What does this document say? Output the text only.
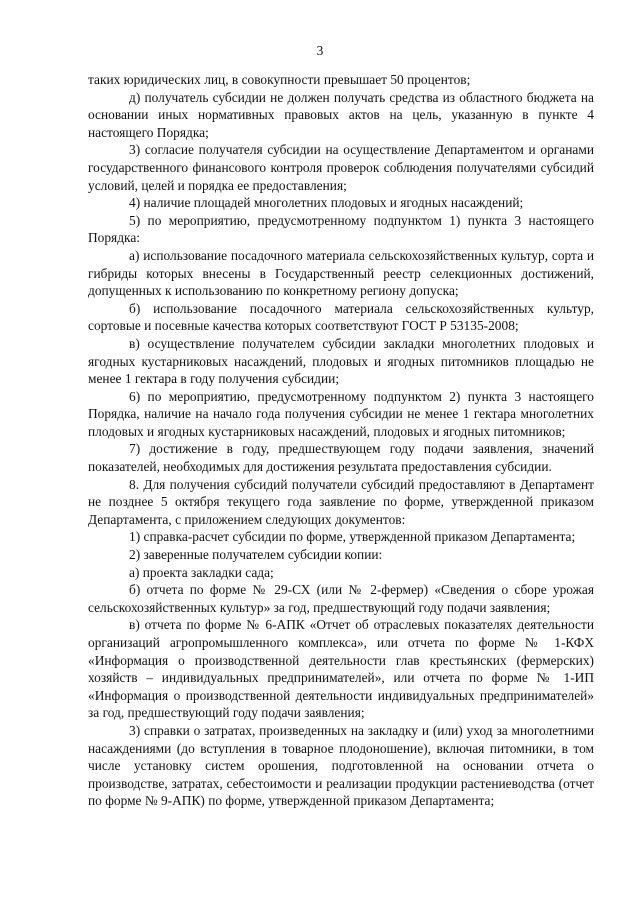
3

таких юридических лиц, в совокупности превышает 50 процентов;

д) получатель субсидии не должен получать средства из областного бюджета на основании иных нормативных правовых актов на цель, указанную в пункте 4 настоящего Порядка;

3) согласие получателя субсидии на осуществление Департаментом и органами государственного финансового контроля проверок соблюдения получателями субсидий условий, целей и порядка ее предоставления;

4) наличие площадей многолетних плодовых и ягодных насаждений;

5) по мероприятию, предусмотренному подпунктом 1) пункта 3 настоящего Порядка:

а) использование посадочного материала сельскохозяйственных культур, сорта и гибриды которых внесены в Государственный реестр селекционных достижений, допущенных к использованию по конкретному региону допуска;

б) использование посадочного материала сельскохозяйственных культур, сортовые и посевные качества которых соответствуют ГОСТ Р 53135-2008;

в) осуществление получателем субсидии закладки многолетних плодовых и ягодных кустарниковых насаждений, плодовых и ягодных питомников площадью не менее 1 гектара в году получения субсидии;

6) по мероприятию, предусмотренному подпунктом 2) пункта 3 настоящего Порядка, наличие на начало года получения субсидии не менее 1 гектара многолетних плодовых и ягодных кустарниковых насаждений, плодовых и ягодных питомников;

7) достижение в году, предшествующем году подачи заявления, значений показателей, необходимых для достижения результата предоставления субсидии.

8. Для получения субсидий получатели субсидий предоставляют в Департамент не позднее 5 октября текущего года заявление по форме, утвержденной приказом Департамента, с приложением следующих документов:

1) справка-расчет субсидии по форме, утвержденной приказом Департамента;

2) заверенные получателем субсидии копии:

а) проекта закладки сада;

б) отчета по форме № 29-СХ (или № 2-фермер) «Сведения о сборе урожая сельскохозяйственных культур» за год, предшествующий году подачи заявления;

в) отчета по форме № 6-АПК «Отчет об отраслевых показателях деятельности организаций агропромышленного комплекса», или отчета по форме № 1-КФХ «Информация о производственной деятельности глав крестьянских (фермерских) хозяйств – индивидуальных предпринимателей», или отчета по форме № 1-ИП «Информация о производственной деятельности индивидуальных предпринимателей» за год, предшествующий году подачи заявления;

3) справки о затратах, произведенных на закладку и (или) уход за многолетними насаждениями (до вступления в товарное плодоношение), включая питомники, в том числе установку систем орошения, подготовленной на основании отчета о производстве, затратах, себестоимости и реализации продукции растениеводства (отчет по форме № 9-АПК) по форме, утвержденной приказом Департамента;
